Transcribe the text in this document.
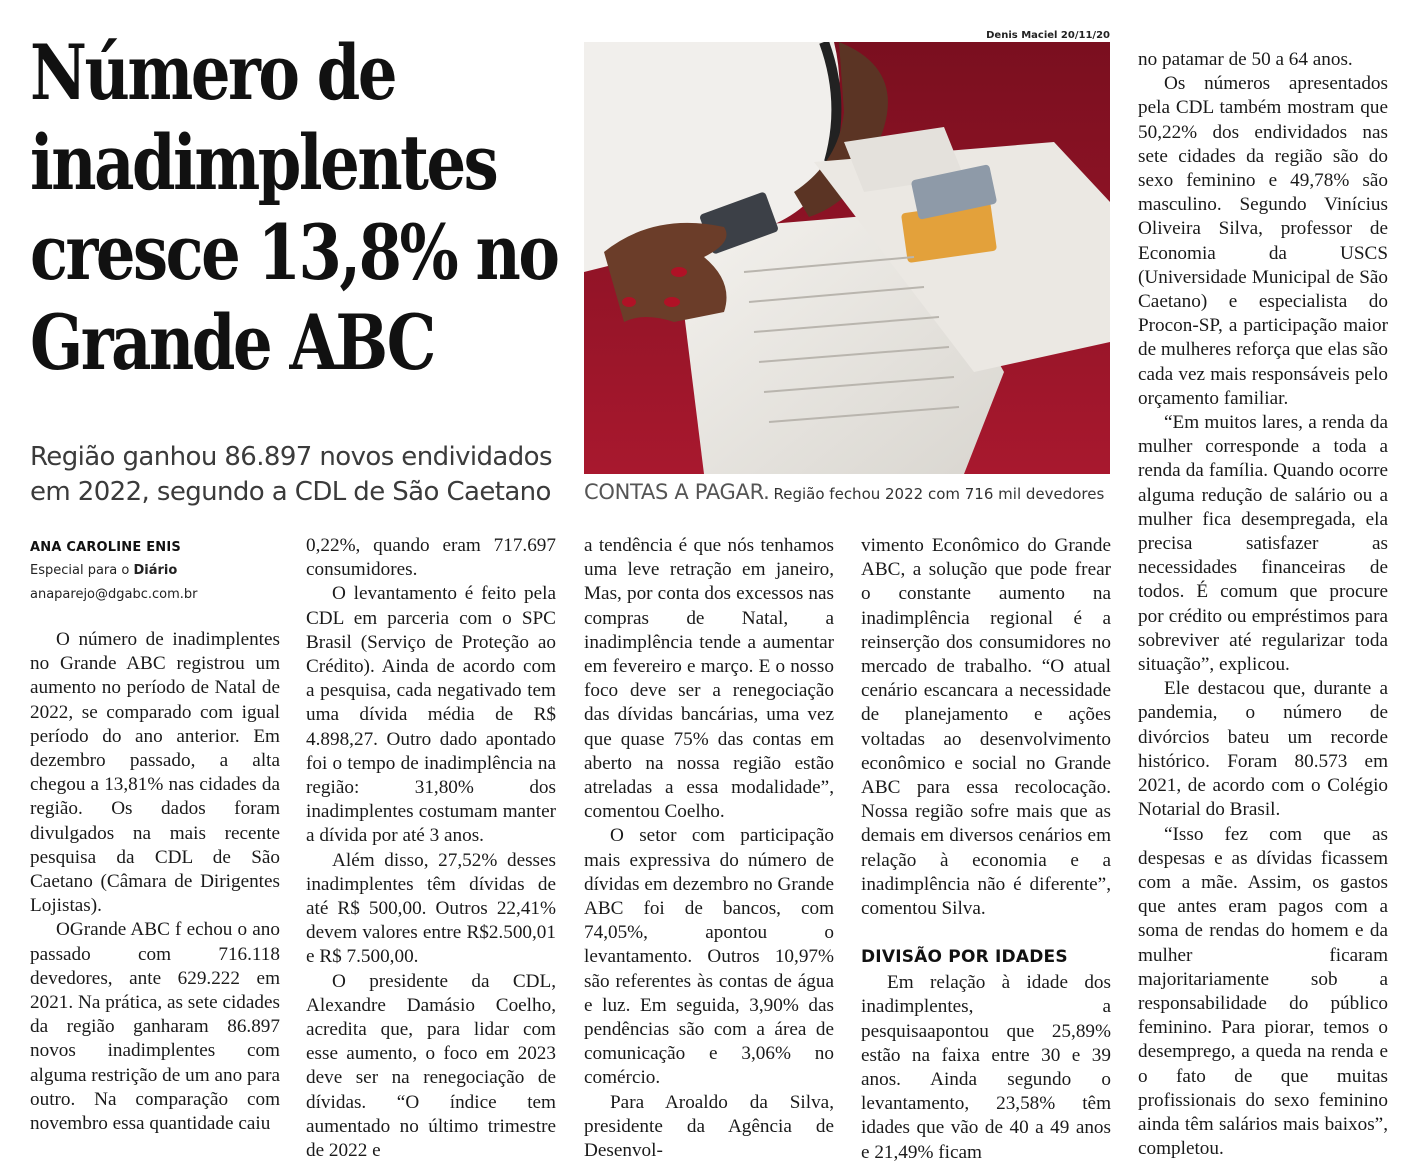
Número de
inadimplentes
cresce 13,8% no
Grande ABC

Região ganhou 86.897 novos endividados em 2022, segundo a CDL de São Caetano

Denis Maciel 20/11/20
CONTAS A PAGAR. Região fechou 2022 com 716 mil devedores
ANA CAROLINE ENIS
Especial para o Diário
anaparejo@dgabc.com.br

O número de inadimplentes no Grande ABC registrou um aumento no período de Natal de 2022, se comparado com igual período do ano anterior. Em dezembro passado, a alta chegou a 13,81% nas cidades da região. Os dados foram divulgados na mais recente pesquisa da CDL de São Caetano (Câmara de Dirigentes Lojistas).

OGrande ABC f echou o ano passado com 716.118 devedores, ante 629.222 em 2021. Na prática, as sete cidades da região ganharam 86.897 novos inadimplentes com alguma restrição de um ano para outro. Na comparação com novembro essa quantidade caiu

0,22%, quando eram 717.697 consumidores.

O levantamento é feito pela CDL em parceria com o SPC Brasil (Serviço de Proteção ao Crédito). Ainda de acordo com a pesquisa, cada negativado tem uma dívida média de R$ 4.898,27. Outro dado apontado foi o tempo de inadimplência na região: 31,80% dos inadimplentes costumam manter a dívida por até 3 anos.

Além disso, 27,52% desses inadimplentes têm dívidas de até R$ 500,00. Outros 22,41% devem valores entre R$2.500,01 e R$ 7.500,00.

O presidente da CDL, Alexandre Damásio Coelho, acredita que, para lidar com esse aumento, o foco em 2023 deve ser na renegociação de dívidas. “O índice tem aumentado no último trimestre de 2022 e

a tendência é que nós tenhamos uma leve retração em janeiro, Mas, por conta dos excessos nas compras de Natal, a inadimplência tende a aumentar em fevereiro e março. E o nosso foco deve ser a renegociação das dívidas bancárias, uma vez que quase 75% das contas em aberto na nossa região estão atreladas a essa modalidade”, comentou Coelho.

O setor com participação mais expressiva do número de dívidas em dezembro no Grande ABC foi de bancos, com 74,05%, apontou o levantamento. Outros 10,97% são referentes às contas de água e luz. Em seguida, 3,90% das pendências são com a área de comunicação e 3,06% no comércio.

Para Aroaldo da Silva, presidente da Agência de Desenvol-

vimento Econômico do Grande ABC, a solução que pode frear o constante aumento na inadimplência regional é a reinserção dos consumidores no mercado de trabalho. “O atual cenário escancara a necessidade de planejamento e ações voltadas ao desenvolvimento econômico e social no Grande ABC para essa recolocação. Nossa região sofre mais que as demais em diversos cenários em relação à economia e a inadimplência não é diferente”, comentou Silva.

DIVISÃO POR IDADES

Em relação à idade dos inadimplentes, a pesquisaapontou que 25,89% estão na faixa entre 30 e 39 anos. Ainda segundo o levantamento, 23,58% têm idades que vão de 40 a 49 anos e 21,49% ficam

no patamar de 50 a 64 anos.

Os números apresentados pela CDL também mostram que 50,22% dos endividados nas sete cidades da região são do sexo feminino e 49,78% são masculino. Segundo Vinícius Oliveira Silva, professor de Economia da USCS (Universidade Municipal de São Caetano) e especialista do Procon-SP, a participação maior de mulheres reforça que elas são cada vez mais responsáveis pelo orçamento familiar.

“Em muitos lares, a renda da mulher corresponde a toda a renda da família. Quando ocorre alguma redução de salário ou a mulher fica desempregada, ela precisa satisfazer as necessidades financeiras de todos. É comum que procure por crédito ou empréstimos para sobreviver até regularizar toda situação”, explicou.

Ele destacou que, durante a pandemia, o número de divórcios bateu um recorde histórico. Foram 80.573 em 2021, de acordo com o Colégio Notarial do Brasil.

“Isso fez com que as despesas e as dívidas ficassem com a mãe. Assim, os gastos que antes eram pagos com a soma de rendas do homem e da mulher ficaram majoritariamente sob a responsabilidade do público feminino. Para piorar, temos o desemprego, a queda na renda e o fato de que muitas profissionais do sexo feminino ainda têm salários mais baixos”, completou.
